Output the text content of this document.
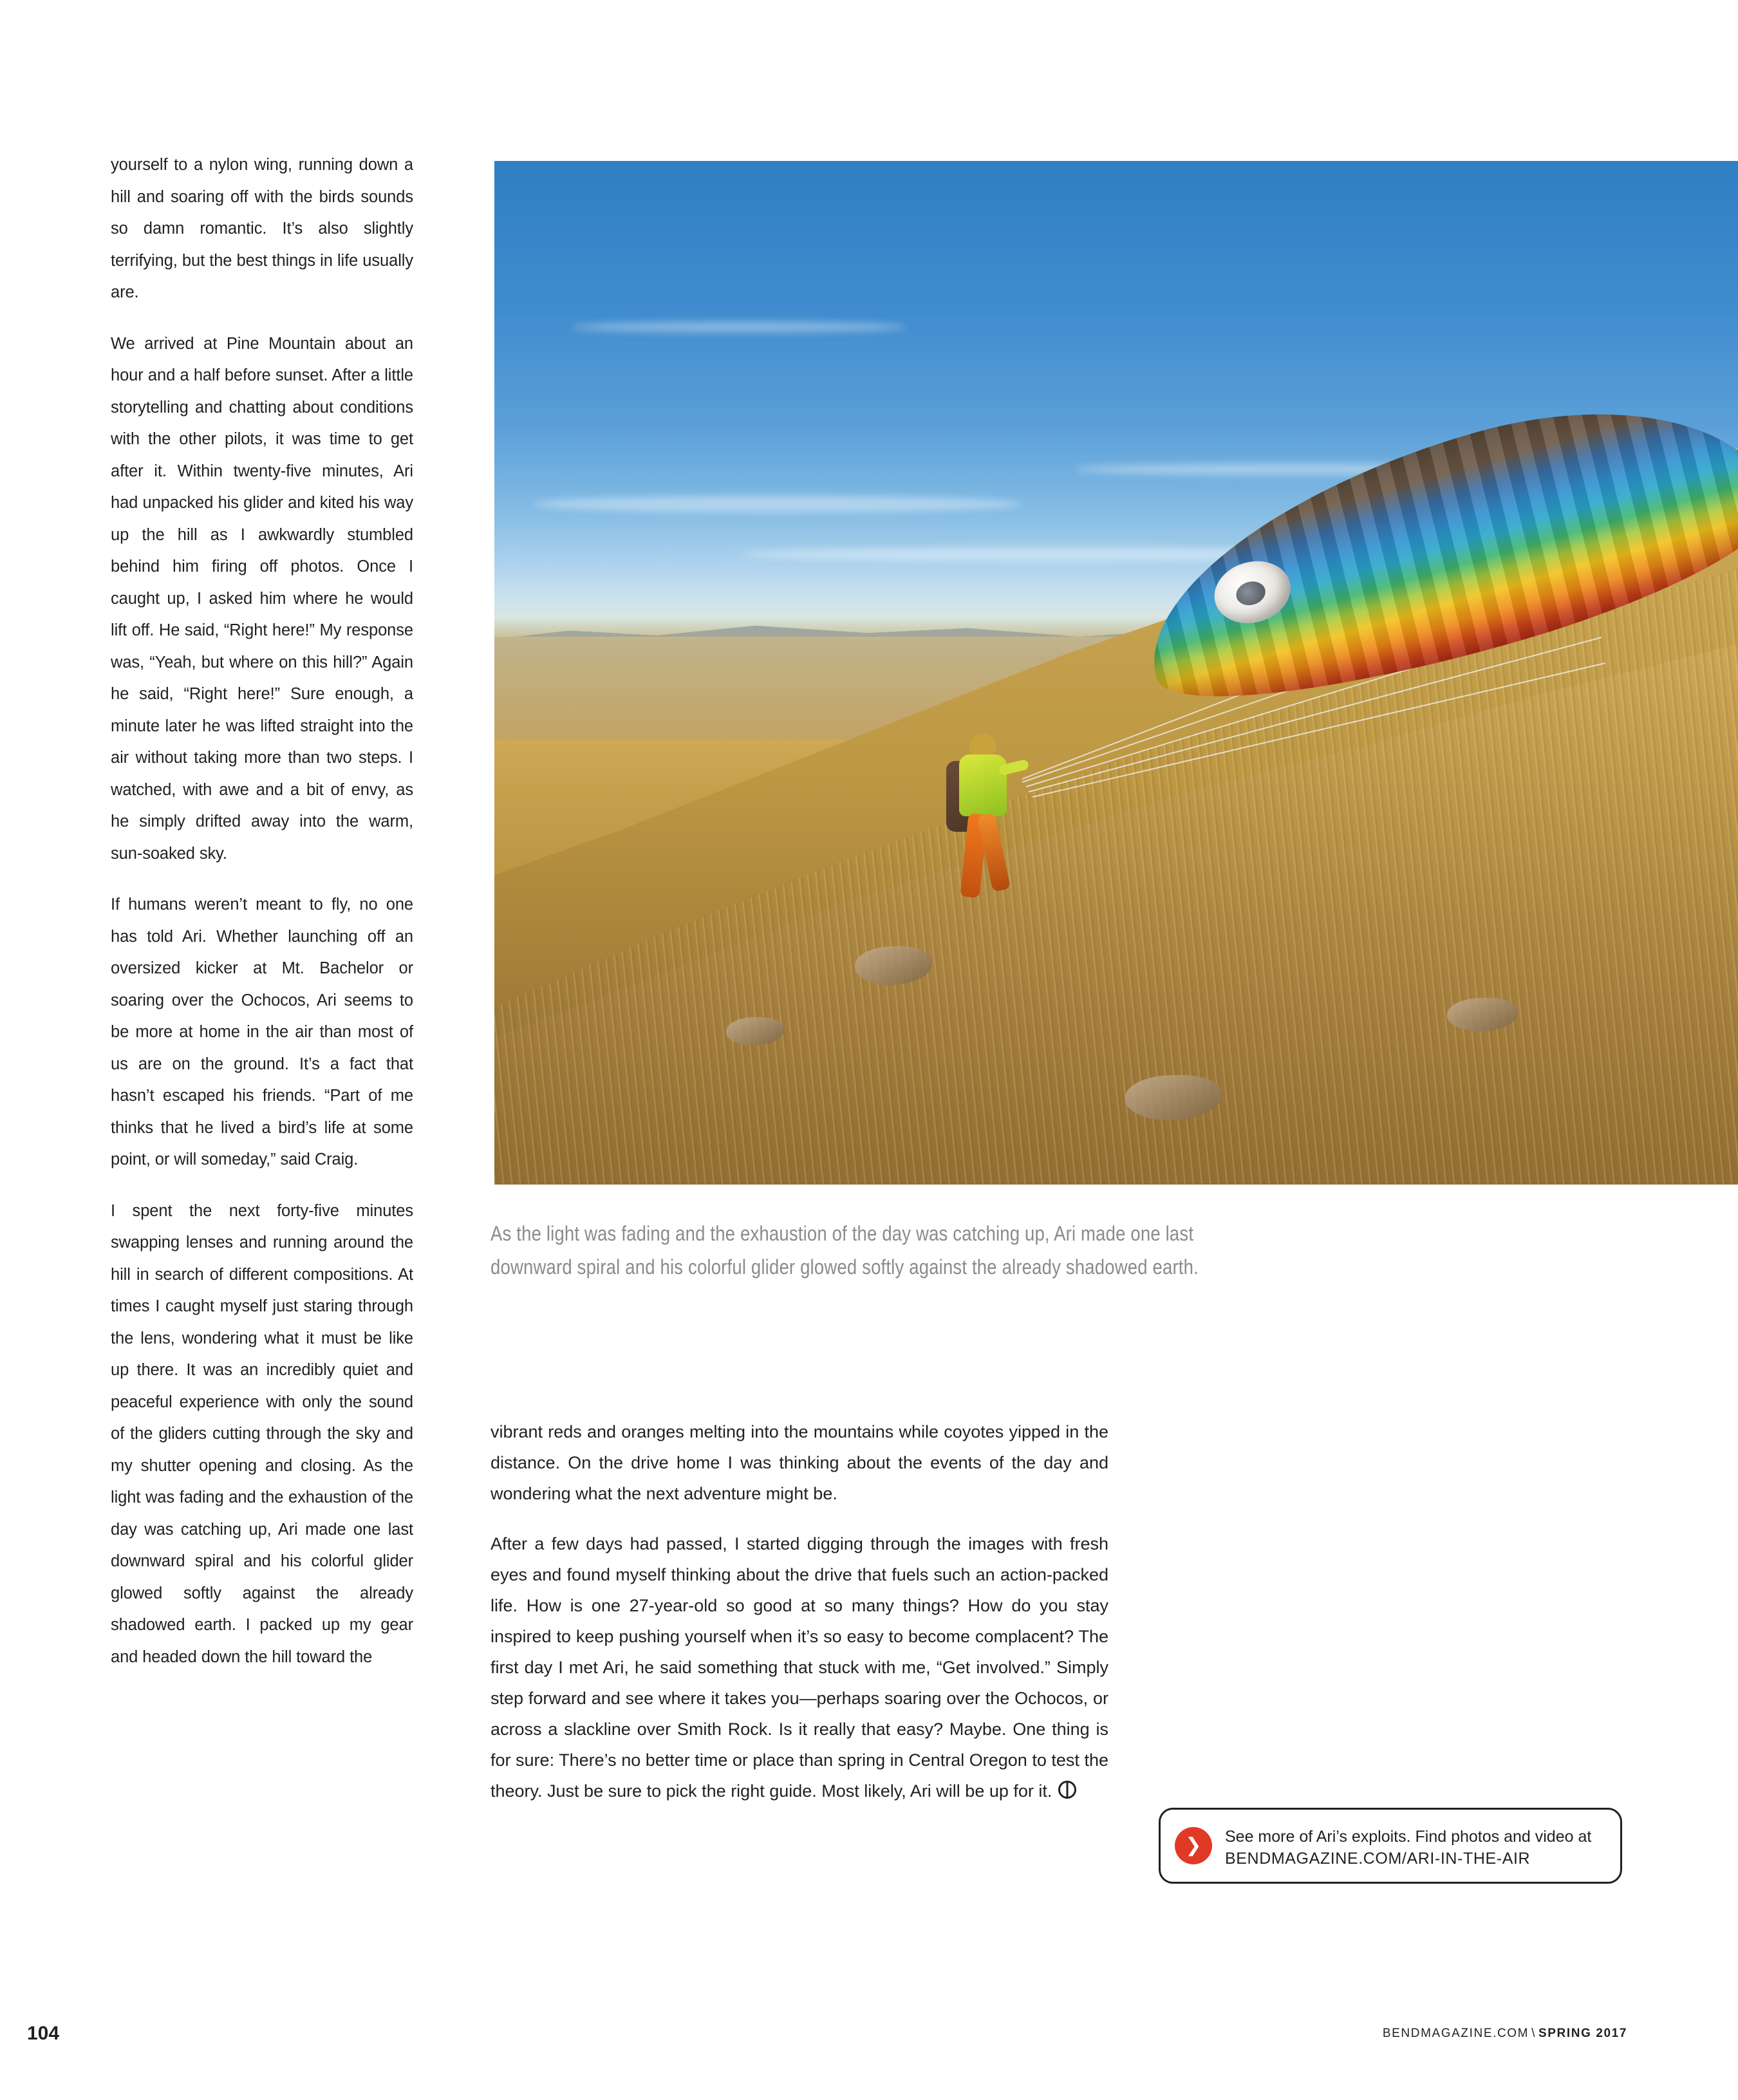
yourself to a nylon wing, running down a hill and soaring off with the birds sounds so damn romantic. It’s also slightly terrifying, but the best things in life usually are.

We arrived at Pine Mountain about an hour and a half before sunset. After a little storytelling and chatting about conditions with the other pilots, it was time to get after it. Within twenty-five minutes, Ari had unpacked his glider and kited his way up the hill as I awkwardly stumbled behind him firing off photos. Once I caught up, I asked him where he would lift off. He said, “Right here!” My response was, “Yeah, but where on this hill?” Again he said, “Right here!” Sure enough, a minute later he was lifted straight into the air without taking more than two steps. I watched, with awe and a bit of envy, as he simply drifted away into the warm, sun-soaked sky.

If humans weren’t meant to fly, no one has told Ari. Whether launching off an oversized kicker at Mt. Bachelor or soaring over the Ochocos, Ari seems to be more at home in the air than most of us are on the ground. It’s a fact that hasn’t escaped his friends. “Part of me thinks that he lived a bird’s life at some point, or will someday,” said Craig.

I spent the next forty-five minutes swapping lenses and running around the hill in search of different compositions. At times I caught myself just staring through the lens, wondering what it must be like up there. It was an incredibly quiet and peaceful experience with only the sound of the gliders cutting through the sky and my shutter opening and closing. As the light was fading and the exhaustion of the day was catching up, Ari made one last downward spiral and his colorful glider glowed softly against the already shadowed earth. I packed up my gear and headed down the hill toward the

As the light was fading and the exhaustion of the day was catching up, Ari made one last downward spiral and his colorful glider glowed softly against the already shadowed earth.

vibrant reds and oranges melting into the mountains while coyotes yipped in the distance. On the drive home I was thinking about the events of the day and wondering what the next adventure might be.

After a few days had passed, I started digging through the images with fresh eyes and found myself thinking about the drive that fuels such an action-packed life. How is one 27-year-old so good at so many things? How do you stay inspired to keep pushing yourself when it’s so easy to become complacent? The first day I met Ari, he said something that stuck with me, “Get involved.” Simply step forward and see where it takes you—perhaps soaring over the Ochocos, or across a slackline over Smith Rock. Is it really that easy? Maybe. One thing is for sure: There’s no better time or place than spring in Central Oregon to test the theory. Just be sure to pick the right guide. Most likely, Ari will be up for it.

❯	See more of Ari’s exploits. Find photos and video at
BENDMAGAZINE.COM/ARI-IN-THE-AIR
104	BENDMAGAZINE.COM \ SPRING 2017
